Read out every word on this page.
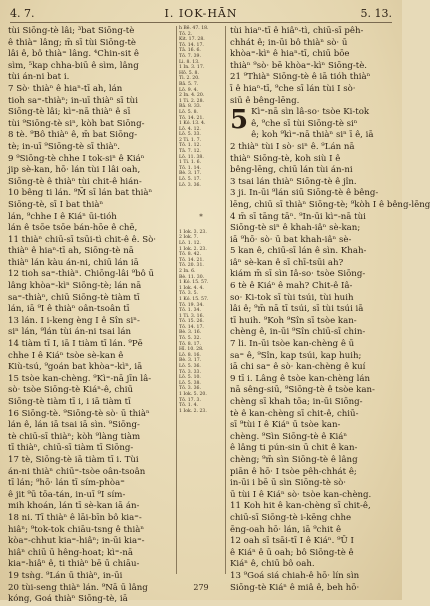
4. 7.	I. IOK-HĀN	5. 13.
tùi Siōng-tè lâi; ³bat Siōng-tè
ê thià⁼ lâng; m̄ sī tùi Siōng-tè
lâi ê, bô thià⁼ lâng. ⁴Chin-sit ê
sìm, ⁵kap chha-biū ê sìm, lâng
tùi án-ni bat i.
7 Sò· thiàⁿ ê hiaⁿ-tī ah, lán
tioh sa⁼-thiàⁿ; in-uī thiàⁿ sī tùi
Siōng-tè lâi; kì⁼-nā thiàⁿ ê sī
tùi ⁹Siōng-tè siⁿ, kòh bat Siōng-
8 tè. ⁹Bô thiàⁿ ê, m̄ bat Siōng-
tè; in-uī ⁹Siōng-tè sī thiàⁿ.
9 ⁹Siōng-tè chhe I tok-siⁿ ê Kiáⁿ
jip sè-kan, hō· lán tùi I lâi oah,
Siōng-tè ê thiàⁿ tùi chit-ê hián-
10 bêng ti lán. ⁹M̄ sī lán bat thiàⁿ
Siōng-tè, sī I bat thiàⁿ
lán, ⁹chhe I ê Kiáⁿ ūi-tióh
lán ê tsōe tsōe bán-hōe ê chē,
11 thiàⁿ chiū-sī tsūi-tì chit-ê ê. Sò·
thiàⁿ ê hiaⁿ-tī ah, Siōng-tè nā
thiàⁿ lán kàu án-ni, chiū lán iā
12 tioh sa⁼-thiàⁿ. Chiōng-lâi ⁹bô ū
lâng khòa⁼-kìⁿ Siōng-tè; lán nā
sa⁼-thiàⁿ, chiū Siōng-tè tiàm tī
lán, iā ⁹I ê thiàⁿ oân-tsoân tī
13 lán. I i-keng èng I ê Sîn siⁿ-
siⁿ lán, ⁹lán tùi án-ni tsai lán
14 tiàm tī I, iā I tiàm tī lán. ⁹Pē
chhe I ê Kiáⁿ tsòe sè-kan ê
Kiù-tsú, ⁹goán bat khòa⁼-kìⁿ, iā
15 tsòe kan-chèng. ⁹Kì⁼-nā jīn lâ-
sò· tsòe Siōng-tè Kiáⁿ-ê, chiū
Siōng-tè tiàm tī i, i iā tiàm tī
16 Siōng-tè. ⁹Siōng-tè sò· ū thiàⁿ
lán ê, lán iā tsai iā sìn. ⁹Siōng-
tè chiū-sī thiàⁿ; kòh ⁹làng tiàm
tī thiàⁿ, chiū-sī tiàm tī Siōng-
17 tè, Siōng-tè iā tiàm tī i. Tùi
án-ni thiàⁿ chiū⁼-tsòe oân-tsoân
tī lán; ⁹hō· lán tī sím-phòa⁼
ê jit ⁹ū tōa-tán, in-uī ⁹I sím-
mih khoán, lán tī sè-kan iā án-
18 ni. Tī thiàⁿ ê lāi-bīn bô kia⁼-
hiâⁿ; ⁹tok-tok chiāu-tsng ê thiàⁿ
kòa⁼-chhut kia⁼-hiâⁿ; in-ūi kia⁼-
hiâⁿ chiū ū hêng-hoat; kì⁼-nā
kia⁼-hiâⁿ ê, ti thiàⁿ bē ū chiāu-
19 tsǹg. ⁹Lán ū thiàⁿ, in-ūi
20 tùi-seng thiàⁿ lán. ⁹Nā ū lâng
kóng, Goá thiàⁿ Siōng-tè, iā
h Bē. 47. 18.
Tō. 2.
Kit. 17. 28.
Tō. 14. 17.
Tā. 16. 6.
Tō. 7. 39.
Li. 8. 13.
1 In. 3. 17.
Hō. 5. 8.
Tì. 2. 20.
Bâ. 5. 7.
Lō. 9. 4.
2 In. 4. 20.
1 Ti. 2. 28.
Bâ. 8. 33.
Lō. 5. 8.
Tō. 14. 21.
1 Kó. 13. 4.
Lō. 4. 12.
Lō. 5. 33.
2 Ti. 1. 7.
Tō. 1. 12.
Tā. 7. 12.
Lō. 11. 38.
1 Ti. 1. 6.
Tō. 1. 14.
Bè. 3. 17.
Lō. 5. 17.
Lō. 3. 36.

*

1 Iok. 3. 23.
2 Iok. 7.
Lō. 1. 12.
1 Iok. 2. 23.
Tō. 8. 42.
Tō. 14. 21.
Tō. 20. 31.
2 In. 6.
Bè. 11. 30.
1 Kó. 15. 57.
1 Iok. 4. 4.
Tō. 3. 5.
1 Kó. 15. 57.
Tō. 19. 34.
Tō. 1. 34.
1 Ti. 3. 16.
Tō. 15. 26.
Tō. 14. 17.
Bè. 3. 16.
Tō. 5. 32.
Tō. 8. 17.
Hī. 10. 28.
Lō. 8. 16.
Bè. 3. 17.
Lō. 5. 36.
Tō. 3. 33.
Lō. 5. 10.
Lō. 5. 38.
Tō. 3. 36.
1 Iok. 5. 20.
Tō. 17. 3.
Tō. 1. 4.
1 Iok. 2. 23.
tùi hiaⁿ-tī ê hiâⁿ-tì, chiū-sī pêh-
chhát ê; in-ūi bô thiàⁿ sò· ū
khòa⁼-kìⁿ ê hiaⁿ-tī, chiū bōe
thiàⁿ ⁹sò· bē khòa⁼-kìⁿ Siōng-tè.
21 ⁹Thiàⁿ Siōng-tè ê iā tióh thiàⁿ
ī ê hiaⁿ-tī, ⁹che sī lán tùi I sò·
siū ê bêng-lēng.
5 Kì⁼-nā sìn lâ-so· tsòe Ki-tok
ê, ⁹che sī tùi Siōng-tè siⁿ
ê; koh ⁹kì⁼-nā thiàⁿ siⁿ ī ê, iā
2 thiàⁿ tùi I sò· siⁿ ê. ⁹Lán nā
thiàⁿ Siōng-tè, koh siù I ê
bêng-lēng, chiū lán tùi án-ni
3 tsai lán thiàⁿ Siōng-tè ê jîn.
3 ji. In-ūi ⁹lán siū Siōng-tè ê bêng-
lēng, chiū sī thiàⁿ Siōng-tè; ⁹kòh I ê bêng-lēng
4 m̄ sī tāng tāⁿ. ⁹In-ūi kì⁼-nā tùi
Siōng-tè siⁿ ê khah-iâⁿ sè-kan;
iā ⁹hō· sò· ū bat khah-iâⁿ sè-
5 kan ê, chiū-sī lán ê sìn. Khah-
iâⁿ sè-kan ê sī chī-tsūi ah?
kiám m̄ sī sìn Iâ-so· tsòe Siōng-
6 tè ê Kiáⁿ ê mah? Chit-ê Iâ-
so· Ki-tok sī tùi tsúi, tùi huih
lâi ê; ⁹m̄ nā tī tsúi, sī tùi tsúi iā
tī huih. ⁹Koh ⁹Sîn sī tsòe kan-
chèng ê, in-ūi ⁹Sîn chiū-sī chin-
7 li. In-ūi tsòe kan-chèng ê ū
sa⁼ ê, ⁹Sîn, kap tsúi, kap huih;
iā chi sa⁼ ê sò· kan-chèng ê kuí
9 tī i. Lâng ê tsòe kan-chèng lán
nā sêng-siū, ⁹Siōng-tè ê tsòe kan-
chèng sī khah tōa; in-ūi Siōng-
tè ê kan-chèng sī chit-ê, chiū-
sī ⁹tùi I ê Kiáⁿ ū tsòe kan-
chèng. ⁹Sìn Siōng-tè ê Kiáⁿ
ê lâng ti pún-sin ū chit ê kan-
chèng; ⁹m̄ sìn Siōng-tè ê lâng
piān ê hō· I tsòe pêh-chhát ê;
in-ūi i bē ū sìn Siōng-tè sò·
ū tùi I ê Kiáⁿ sò· tsòe kan-chèng.
11 Koh hit ê kan-chèng sī chit-ê,
chiū-sī Siōng-tè i-kēng chhe
ēng-oah hō· lán, iā ⁹chit ê
12 oah sī tsāi-tī I ê Kiáⁿ. ⁹Ū I
ê Kiáⁿ ê ū oah; bô Siōng-tè ê
Kiáⁿ ê, chiū bô oah.
13 ⁹Goá siá chiah-ê hō· lín sìn
Siōng-tè Kiáⁿ ê miâ ê, beh hō·
279
